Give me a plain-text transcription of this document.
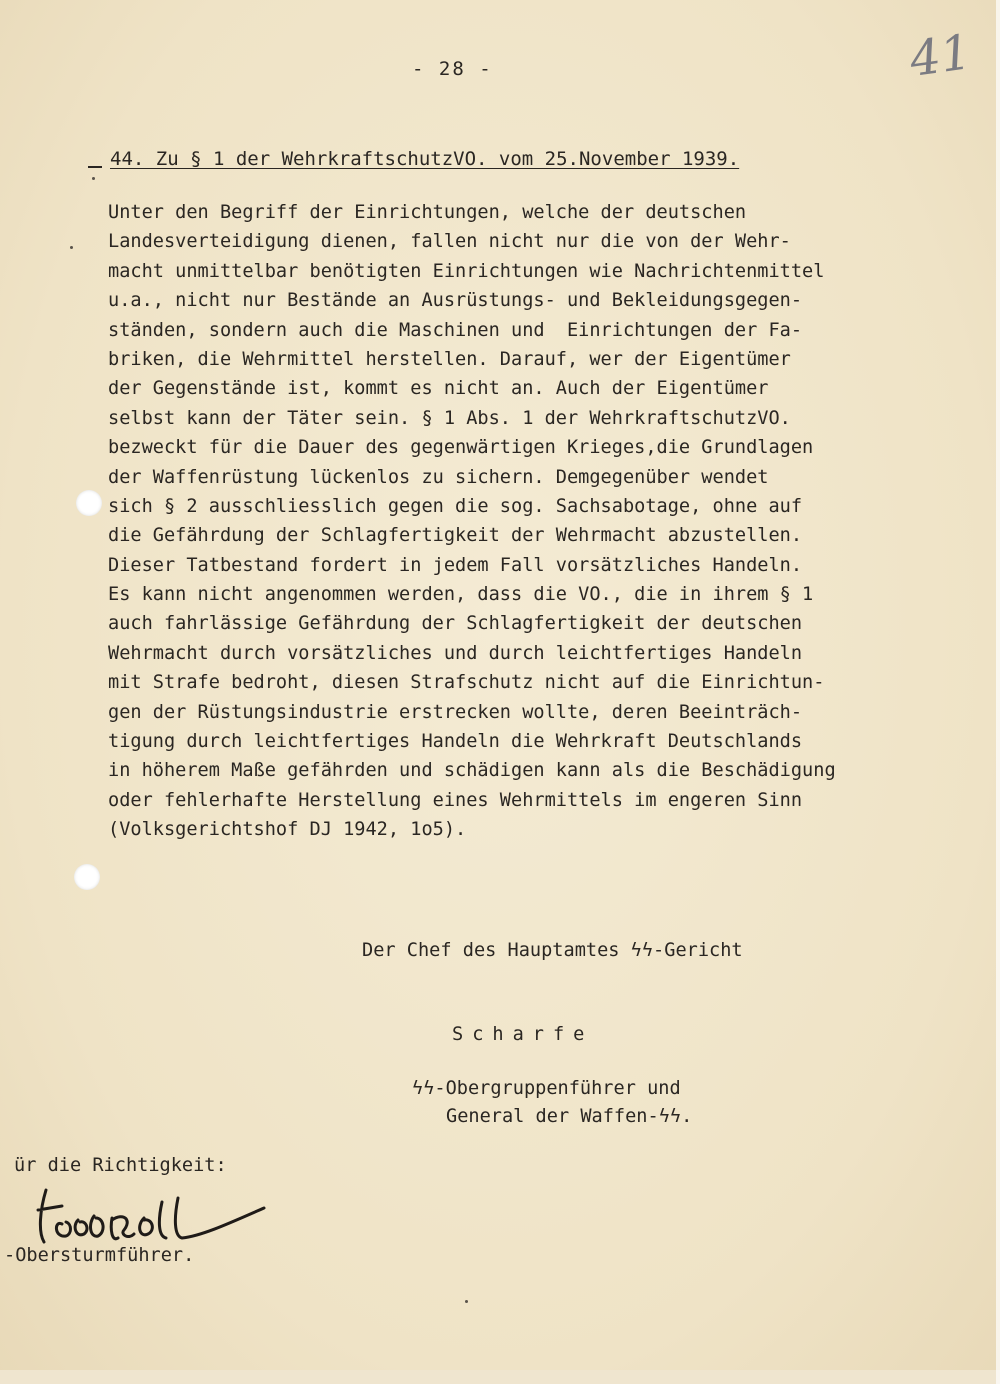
- 28 -	41
44. Zu § 1 der WehrkraftschutzVO. vom 25.November 1939.
Unter den Begriff der Einrichtungen, welche der deutschen
Landesverteidigung dienen, fallen nicht nur die von der Wehr-
macht unmittelbar benötigten Einrichtungen wie Nachrichtenmittel
u.a., nicht nur Bestände an Ausrüstungs- und Bekleidungsgegen-
ständen, sondern auch die Maschinen und  Einrichtungen der Fa-
briken, die Wehrmittel herstellen. Darauf, wer der Eigentümer
der Gegenstände ist, kommt es nicht an. Auch der Eigentümer
selbst kann der Täter sein. § 1 Abs. 1 der WehrkraftschutzVO.
bezweckt für die Dauer des gegenwärtigen Krieges,die Grundlagen
der Waffenrüstung lückenlos zu sichern. Demgegenüber wendet
sich § 2 ausschliesslich gegen die sog. Sachsabotage, ohne auf
die Gefährdung der Schlagfertigkeit der Wehrmacht abzustellen.
Dieser Tatbestand fordert in jedem Fall vorsätzliches Handeln.
Es kann nicht angenommen werden, dass die VO., die in ihrem § 1
auch fahrlässige Gefährdung der Schlagfertigkeit der deutschen
Wehrmacht durch vorsätzliches und durch leichtfertiges Handeln
mit Strafe bedroht, diesen Strafschutz nicht auf die Einrichtun-
gen der Rüstungsindustrie erstrecken wollte, deren Beeinträch-
tigung durch leichtfertiges Handeln die Wehrkraft Deutschlands
in höherem Maße gefährden und schädigen kann als die Beschädigung
oder fehlerhafte Herstellung eines Wehrmittels im engeren Sinn
(Volksgerichtshof DJ 1942, 1o5).
Der Chef des Hauptamtes ϟϟ-Gericht
Scharfe
ϟϟ-Obergruppenführer und
General der Waffen-ϟϟ.
ür die Richtigkeit:
-Obersturmführer.
